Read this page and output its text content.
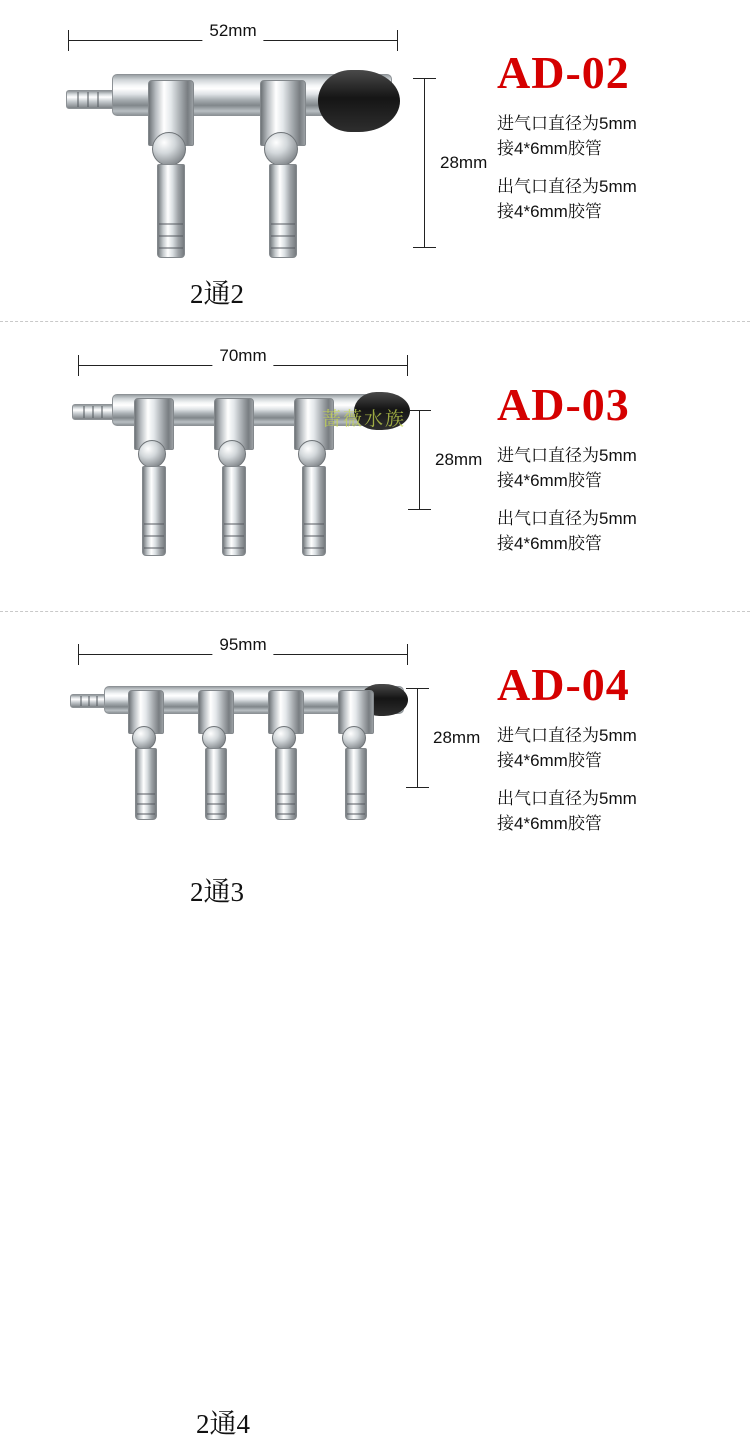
52mm
28mm
2通2
AD-02
进气口直径为5mm
接4*6mm胶管
出气口直径为5mm
接4*6mm胶管
70mm
蔷薇水族
28mm
2通3
AD-03
进气口直径为5mm
接4*6mm胶管
出气口直径为5mm
接4*6mm胶管
95mm
28mm
2通4
AD-04
进气口直径为5mm
接4*6mm胶管
出气口直径为5mm
接4*6mm胶管
